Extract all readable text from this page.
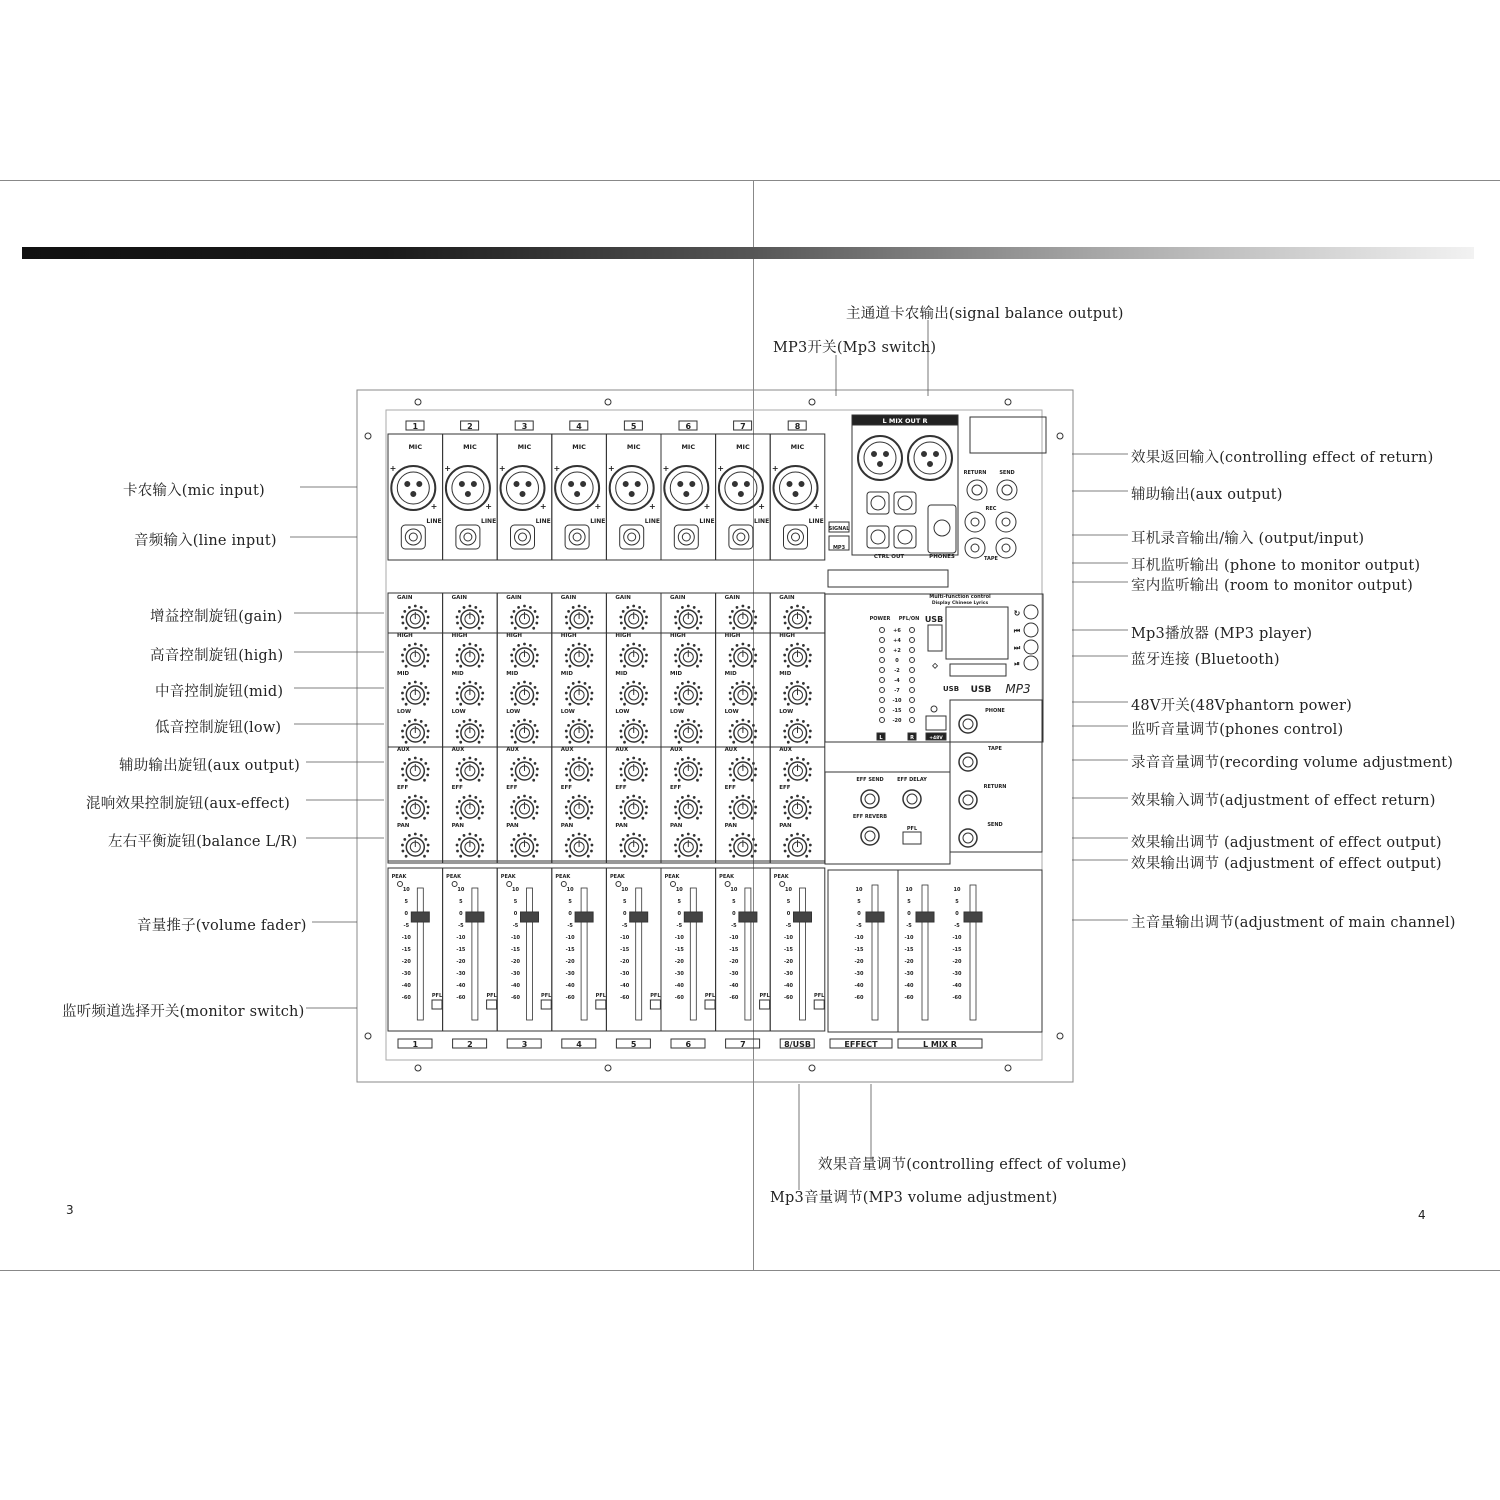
1
MIC
+
+
LINE
GAIN
HIGH
MID
LOW
AUX
EFF
PAN
PEAK
10
5
0
-5
-10
-15
-20
-30
-40
-60	PFL
1
2
MIC
+
+
LINE
GAIN
HIGH
MID
LOW
AUX
EFF
PAN
PEAK
10
5
0
-5
-10
-15
-20
-30
-40
-60	PFL
2
3
MIC
+
+
LINE
GAIN
HIGH
MID
LOW
AUX
EFF
PAN
PEAK
10
5
0
-5
-10
-15
-20
-30
-40
-60	PFL
3
4
MIC
+
+
LINE
GAIN
HIGH
MID
LOW
AUX
EFF
PAN
PEAK
10
5
0
-5
-10
-15
-20
-30
-40
-60	PFL
4
5
MIC
+
+
LINE
GAIN
HIGH
MID
LOW
AUX
EFF
PAN
PEAK
10
5
0
-5
-10
-15
-20
-30
-40
-60	PFL
5
6
MIC
+
+
LINE
GAIN
HIGH
MID
LOW
AUX
EFF
PAN
PEAK
10
5
0
-5
-10
-15
-20
-30
-40
-60	PFL
6
7
MIC
+
+
LINE
GAIN
HIGH
MID
LOW
AUX
EFF
PAN
PEAK
10
5
0
-5
-10
-15
-20
-30
-40
-60	PFL
7
8
MIC
+
+
LINE
GAIN
HIGH
MID
LOW
AUX
EFF
PAN
PEAK
10
5
0
-5
-10
-15
-20
-30
-40
-60	PFL
8/USB	EFFECT	L MIX R
L MIX OUT R
CTRL OUT	PHONES
SIGNAL
MP3
RETURN	SEND
REC
TAPE
Multi-function control
Display Chinese Lyrics
USB
⬦
↻
⏮
⏭
⏯
USB USB MP3
POWER PFL/ON
+6
+4
+2
0
-2
-4
-7
-10
-15
-20
L	R	+48V
PHONE
TAPE
RETURN
SEND
EFF SEND	EFF DELAY
EFF REVERB
PFL
10
5
0
-5
-10
-15
-20
-30
-40
-60
10
5
0
-5
-10
-15
-20
-30
-40
-60
10
5
0
-5
-10
-15
-20
-30
-40
-60
主通道卡农输出(signal balance output)
MP3开关(Mp3 switch)
卡农输入(mic input)
音频输入(line input)
增益控制旋钮(gain)
高音控制旋钮(high)
中音控制旋钮(mid)
低音控制旋钮(low)
辅助输出旋钮(aux output)
混响效果控制旋钮(aux-effect)
左右平衡旋钮(balance L/R)
音量推子(volume fader)
监听频道选择开关(monitor switch)
效果返回输入(controlling effect of return)
辅助输出(aux output)
耳机录音输出/输入 (output/input)
耳机监听输出 (phone to monitor output)
室内监听输出 (room to monitor output)
Mp3播放器 (MP3 player)
蓝牙连接 (Bluetooth)
48V开关(48Vphantorn power)
监听音量调节(phones control)
录音音量调节(recording volume adjustment)
效果输入调节(adjustment of effect return)
效果输出调节 (adjustment of effect output)
效果输出调节 (adjustment of effect output)
主音量输出调节(adjustment of main channel)
效果音量调节(controlling effect of volume)
Mp3音量调节(MP3 volume adjustment)
3	4
